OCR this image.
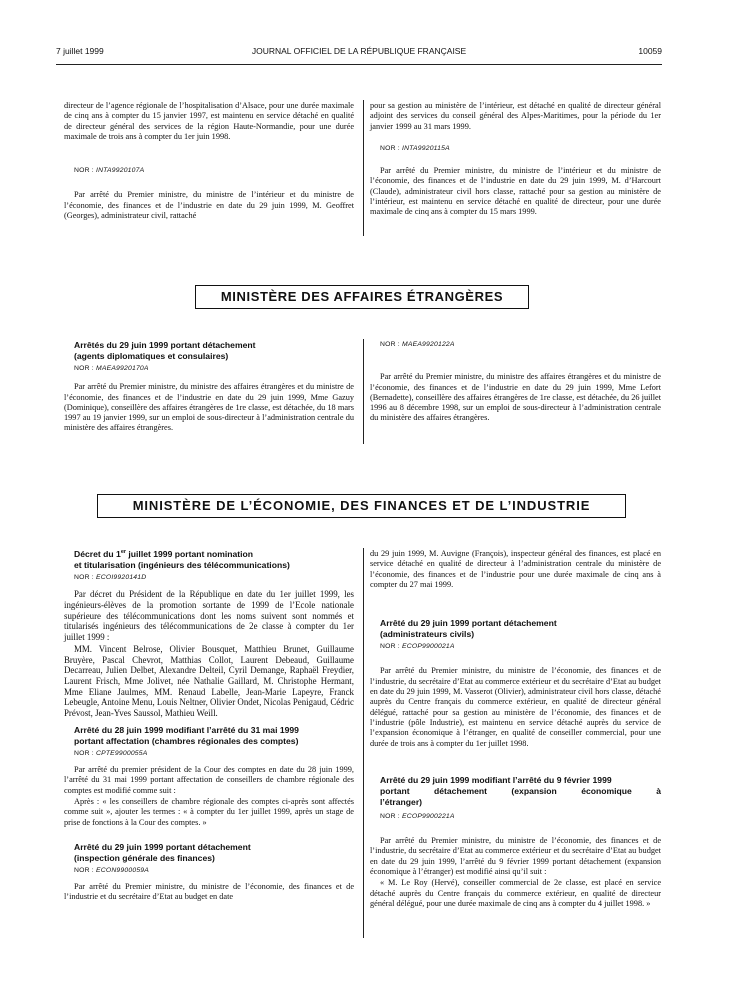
7 juillet 1999	JOURNAL OFFICIEL DE LA RÉPUBLIQUE FRANÇAISE	10059

directeur de l’agence régionale de l’hospitalisation d’Alsace, pour une durée maximale de cinq ans à compter du 15 janvier 1997, est maintenu en service détaché en qualité de directeur général des services de la région Haute-Normandie, pour une durée maximale de trois ans à compter du 1er juin 1998.

NOR : INTA9920107A

Par arrêté du Premier ministre, du ministre de l’intérieur et du ministre de l’économie, des finances et de l’industrie en date du 29 juin 1999, M. Geoffret (Georges), administrateur civil, rattaché

pour sa gestion au ministère de l’intérieur, est détaché en qualité de directeur général adjoint des services du conseil général des Alpes-Maritimes, pour la période du 1er janvier 1999 au 31 mars 1999.

NOR : INTA9920115A

Par arrêté du Premier ministre, du ministre de l’intérieur et du ministre de l’économie, des finances et de l’industrie en date du 29 juin 1999, M. d’Harcourt (Claude), administrateur civil hors classe, rattaché pour sa gestion au ministère de l’intérieur, est maintenu en service détaché en qualité de directeur, pour une durée maximale de cinq ans à compter du 15 mars 1999.

MINISTÈRE DES AFFAIRES ÉTRANGÈRES

Arrêtés du 29 juin 1999 portant détachement

(agents diplomatiques et consulaires)

NOR : MAEA9920170A

Par arrêté du Premier ministre, du ministre des affaires étrangères et du ministre de l’économie, des finances et de l’industrie en date du 29 juin 1999, Mme Gazuy (Dominique), conseillère des affaires étrangères de 1re classe, est détachée, du 18 mars 1997 au 19 janvier 1999, sur un emploi de sous-directeur à l’administration centrale du ministère des affaires étrangères.

NOR : MAEA9920122A

Par arrêté du Premier ministre, du ministre des affaires étrangères et du ministre de l’économie, des finances et de l’industrie en date du 29 juin 1999, Mme Lefort (Bernadette), conseillère des affaires étrangères de 1re classe, est détachée, du 26 juillet 1996 au 8 décembre 1998, sur un emploi de sous-directeur à l’administration centrale du ministère des affaires étrangères.

MINISTÈRE DE L’ÉCONOMIE, DES FINANCES ET DE L’INDUSTRIE

Décret du 1er juillet 1999 portant nomination

et titularisation (ingénieurs des télécommunications)

NOR : ECOI9920141D

Par décret du Président de la République en date du 1er juillet 1999, les ingénieurs-élèves de la promotion sortante de 1999 de l’Ecole nationale supérieure des télécommunications dont les noms suivent sont nommés et titularisés ingénieurs des télécommunications de 2e classe à compter du 1er juillet 1999 :

MM. Vincent Belrose, Olivier Bousquet, Matthieu Brunet, Guillaume Bruyère, Pascal Chevrot, Matthias Collot, Laurent Debeaud, Guillaume Decarreau, Julien Delbet, Alexandre Delteil, Cyril Demange, Raphaël Freydier, Laurent Frisch, Mme Jolivet, née Nathalie Gaillard, M. Christophe Hermant, Mme Eliane Jaulmes, MM. Renaud Labelle, Jean-Marie Lapeyre, Franck Lebeugle, Antoine Menu, Louis Neltner, Olivier Ondet, Nicolas Penigaud, Cédric Prévost, Jean-Yves Saussol, Mathieu Weill.

Arrêté du 28 juin 1999 modifiant l’arrêté du 31 mai 1999

portant affectation (chambres régionales des comptes)

NOR : CPTE9900055A

Par arrêté du premier président de la Cour des comptes en date du 28 juin 1999, l’arrêté du 31 mai 1999 portant affectation de conseillers de chambre régionale des comptes est modifié comme suit :

Après : « les conseillers de chambre régionale des comptes ci-après sont affectés comme suit », ajouter les termes : « à compter du 1er juillet 1999, après un stage de prise de fonctions à la Cour des comptes. »

Arrêté du 29 juin 1999 portant détachement

(inspection générale des finances)

NOR : ECON9900059A

Par arrêté du Premier ministre, du ministre de l’économie, des finances et de l’industrie et du secrétaire d’Etat au budget en date

du 29 juin 1999, M. Auvigne (François), inspecteur général des finances, est placé en service détaché en qualité de directeur à l’administration centrale du ministère de l’économie, des finances et de l’industrie pour une durée maximale de cinq ans à compter du 27 mai 1999.

Arrêté du 29 juin 1999 portant détachement

(administrateurs civils)

NOR : ECOP9900021A

Par arrêté du Premier ministre, du ministre de l’économie, des finances et de l’industrie, du secrétaire d’Etat au commerce extérieur et du secrétaire d’Etat au budget en date du 29 juin 1999, M. Vasserot (Olivier), administrateur civil hors classe, détaché auprès du Centre français du commerce extérieur, en qualité de directeur général délégué, rattaché pour sa gestion au ministère de l’économie, des finances et de l’industrie (pôle Industrie), est maintenu en service détaché auprès du service de l’expansion économique à l’étranger, en qualité de conseiller commercial, pour une durée de trois ans à compter du 1er juillet 1998.

Arrêté du 29 juin 1999 modifiant l’arrêté du 9 février 1999

portant détachement (expansion économique à

l’étranger)

NOR : ECOP9900221A

Par arrêté du Premier ministre, du ministre de l’économie, des finances et de l’industrie, du secrétaire d’Etat au commerce extérieur et du secrétaire d’Etat au budget en date du 29 juin 1999, l’arrêté du 9 février 1999 portant détachement (expansion économique à l’étranger) est modifié ainsi qu’il suit :

« M. Le Roy (Hervé), conseiller commercial de 2e classe, est placé en service détaché auprès du Centre français du commerce extérieur, en qualité de directeur général délégué, pour une durée maximale de cinq ans à compter du 4 juillet 1998. »
